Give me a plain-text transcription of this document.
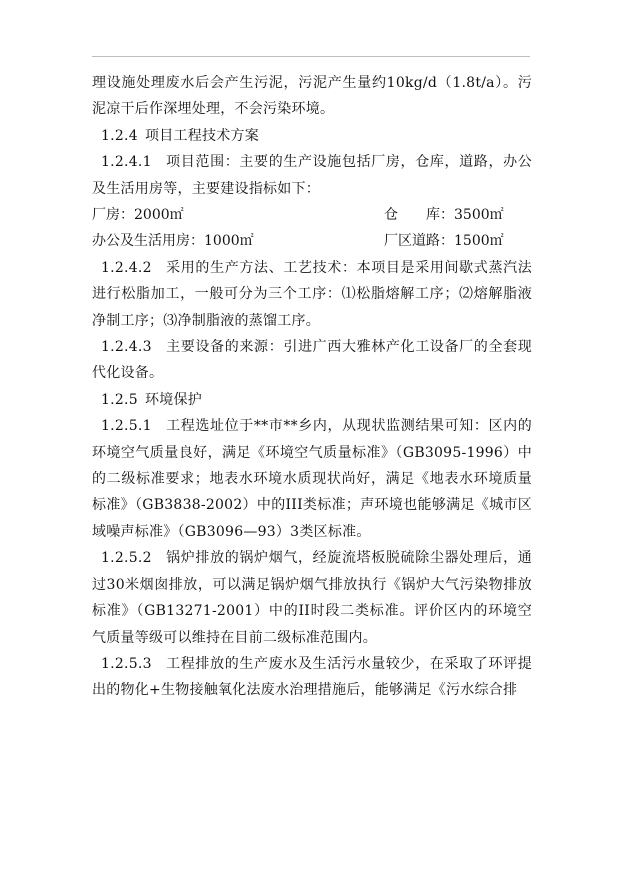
理设施处理废水后会产生污泥，污泥产生量约10kg/d（1.8t/a）。污泥凉干后作深埋处理，不会污染环境。

1.2.4 项目工程技术方案

1.2.4.1 项目范围：主要的生产设施包括厂房，仓库，道路，办公及生活用房等，主要建设指标如下：

厂房：2000㎡	仓　　库：3500㎡
办公及生活用房：1000㎡	厂区道路：1500㎡

1.2.4.2 采用的生产方法、工艺技术：本项目是采用间歇式蒸汽法进行松脂加工，一般可分为三个工序：⑴松脂熔解工序；⑵熔解脂液净制工序；⑶净制脂液的蒸馏工序。

1.2.4.3 主要设备的来源：引进广西大雅林产化工设备厂的全套现代化设备。

1.2.5 环境保护

1.2.5.1 工程选址位于**市**乡内，从现状监测结果可知：区内的环境空气质量良好，满足《环境空气质量标准》（GB3095-1996）中的二级标准要求；地表水环境水质现状尚好，满足《地表水环境质量标准》（GB3838-2002）中的III类标准；声环境也能够满足《城市区域噪声标准》（GB3096—93）3类区标准。

1.2.5.2 锅炉排放的锅炉烟气，经旋流塔板脱硫除尘器处理后，通过30米烟囱排放，可以满足锅炉烟气排放执行《锅炉大气污染物排放标准》（GB13271-2001）中的II时段二类标准。评价区内的环境空气质量等级可以维持在目前二级标准范围内。

1.2.5.3 工程排放的生产废水及生活污水量较少，在采取了环评提出的物化+生物接触氧化法废水治理措施后，能够满足《污水综合排
